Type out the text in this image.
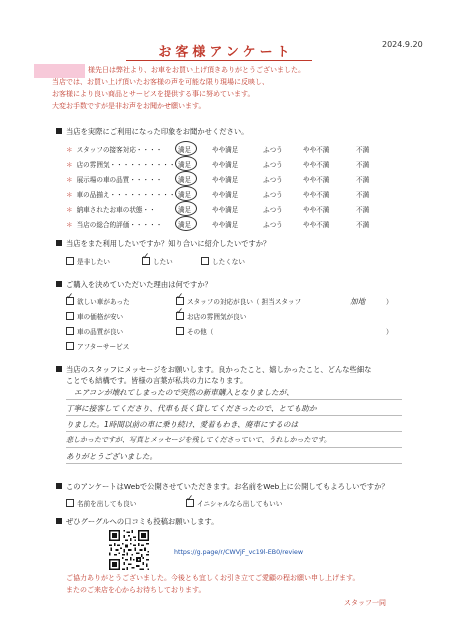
2024.9.20
お客様アンケート
様先日は弊社より、お車をお買い上げ頂きありがとうございました。
当店では、お買い上げ頂いたお客様の声を可能な限り現場に反映し、
お客様により良い商品とサービスを提供する事に努めています。
大変お手数ですが是非お声をお聞かせ願います。
当店を実際にご利用になった印象をお聞かせください。
＊ スタッフの接客対応・・・・ 満足	やや満足	ふつう	やや不満	不満
＊ 店の雰囲気・・・・・・・・・・ 満足	やや満足	ふつう	やや不満	不満
＊ 展示場の車の品質・・・・・ 満足	やや満足	ふつう	やや不満	不満
＊ 車の品揃え・・・・・・・・・・ 満足	やや満足	ふつう	やや不満	不満
＊ 納車されたお車の状態・・	満足	やや満足	ふつう	やや不満	不満
＊ 当店の総合的評価・・・・・ 満足	やや満足	ふつう	やや不満	不満
当店をまた利用したいですか？知り合いに紹介したいですか？
是非したい ✓	したい	したくない
ご購入を決めていただいた理由は何ですか？
✓欲しい車があった
車の価格が安い
車の品質が良い
アフターサービス
✓スタッフの対応が良い（ 担当スタッフ	加地	）
✓お店の雰囲気が良い
その他（	）
当店のスタッフにメッセージをお願いします。良かったこと、嬉しかったこと、どんな些細な
ことでも結構です。皆様の言葉が私共の力になります。
エアコンが壊れてしまったので突然の新車購入となりましたが、
丁寧に接客してくださり、代車も長く貸してくださったので、とても助か
りました。1時間以前の車に乗り続け、愛着もわき、廃車にするのは
悲しかったですが、写真とメッセージを残してくださっていて、うれしかったです。
ありがとうございました。
このアンケートはWebで公開させていただきます。お名前をWeb上に公開してもよろしいですか？
名前を出しても良い ✓	イニシャルなら出してもいい
ぜひグーグルへの口コミも投稿お願いします。
https://g.page/r/CWVjF_vc19l-EB0/review
ご協力ありがとうございました。今後とも宜しくお引き立てご愛顧の程お願い申し上げます。
またのご来店を心からお待ちしております。
スタッフ一同
